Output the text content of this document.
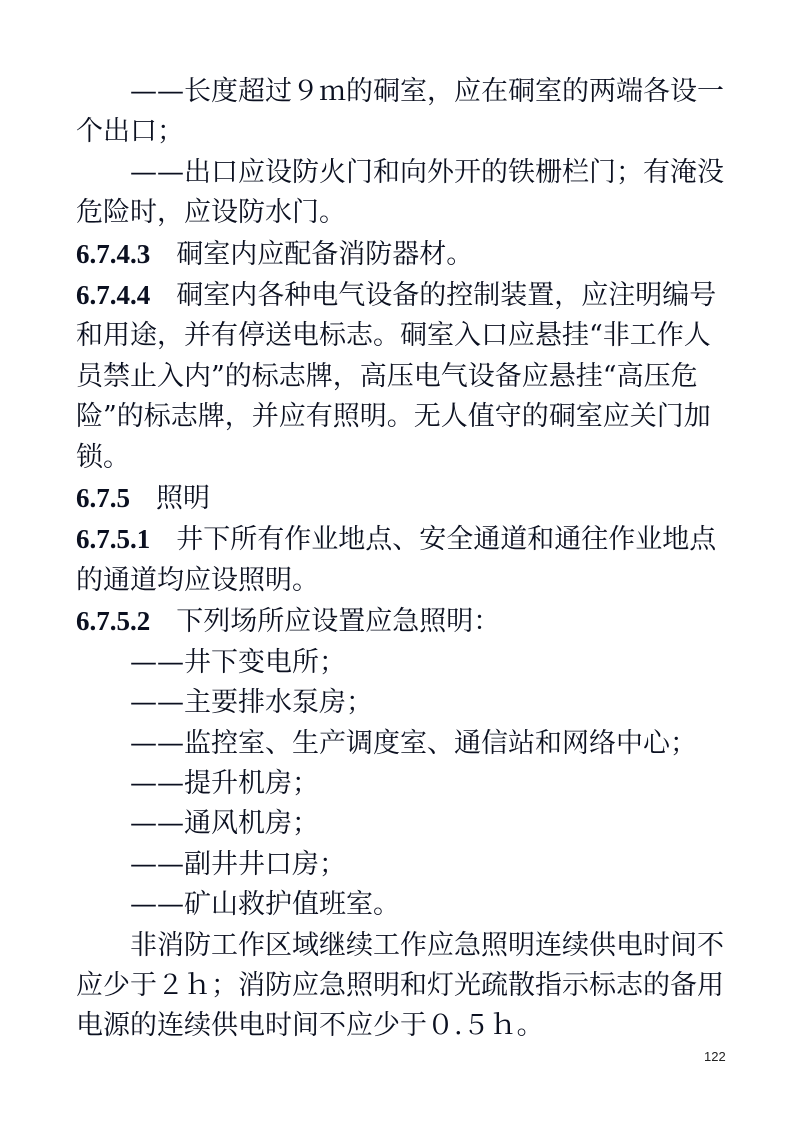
——长度超过９ｍ的硐室，应在硐室的两端各设一个出口；

——出口应设防火门和向外开的铁栅栏门；有淹没危险时，应设防水门。

6.7.4.3 硐室内应配备消防器材。

6.7.4.4 硐室内各种电气设备的控制装置，应注明编号和用途，并有停送电标志。硐室入口应悬挂“非工作人员禁止入内”的标志牌，高压电气设备应悬挂“高压危险”的标志牌，并应有照明。无人值守的硐室应关门加锁。

6.7.5 照明

6.7.5.1 井下所有作业地点、安全通道和通往作业地点的通道均应设照明。

6.7.5.2 下列场所应设置应急照明：

——井下变电所；

——主要排水泵房；

——监控室、生产调度室、通信站和网络中心；

——提升机房；

——通风机房；

——副井井口房；

——矿山救护值班室。

非消防工作区域继续工作应急照明连续供电时间不应少于２ｈ；消防应急照明和灯光疏散指示标志的备用电源的连续供电时间不应少于０.５ｈ。

122
